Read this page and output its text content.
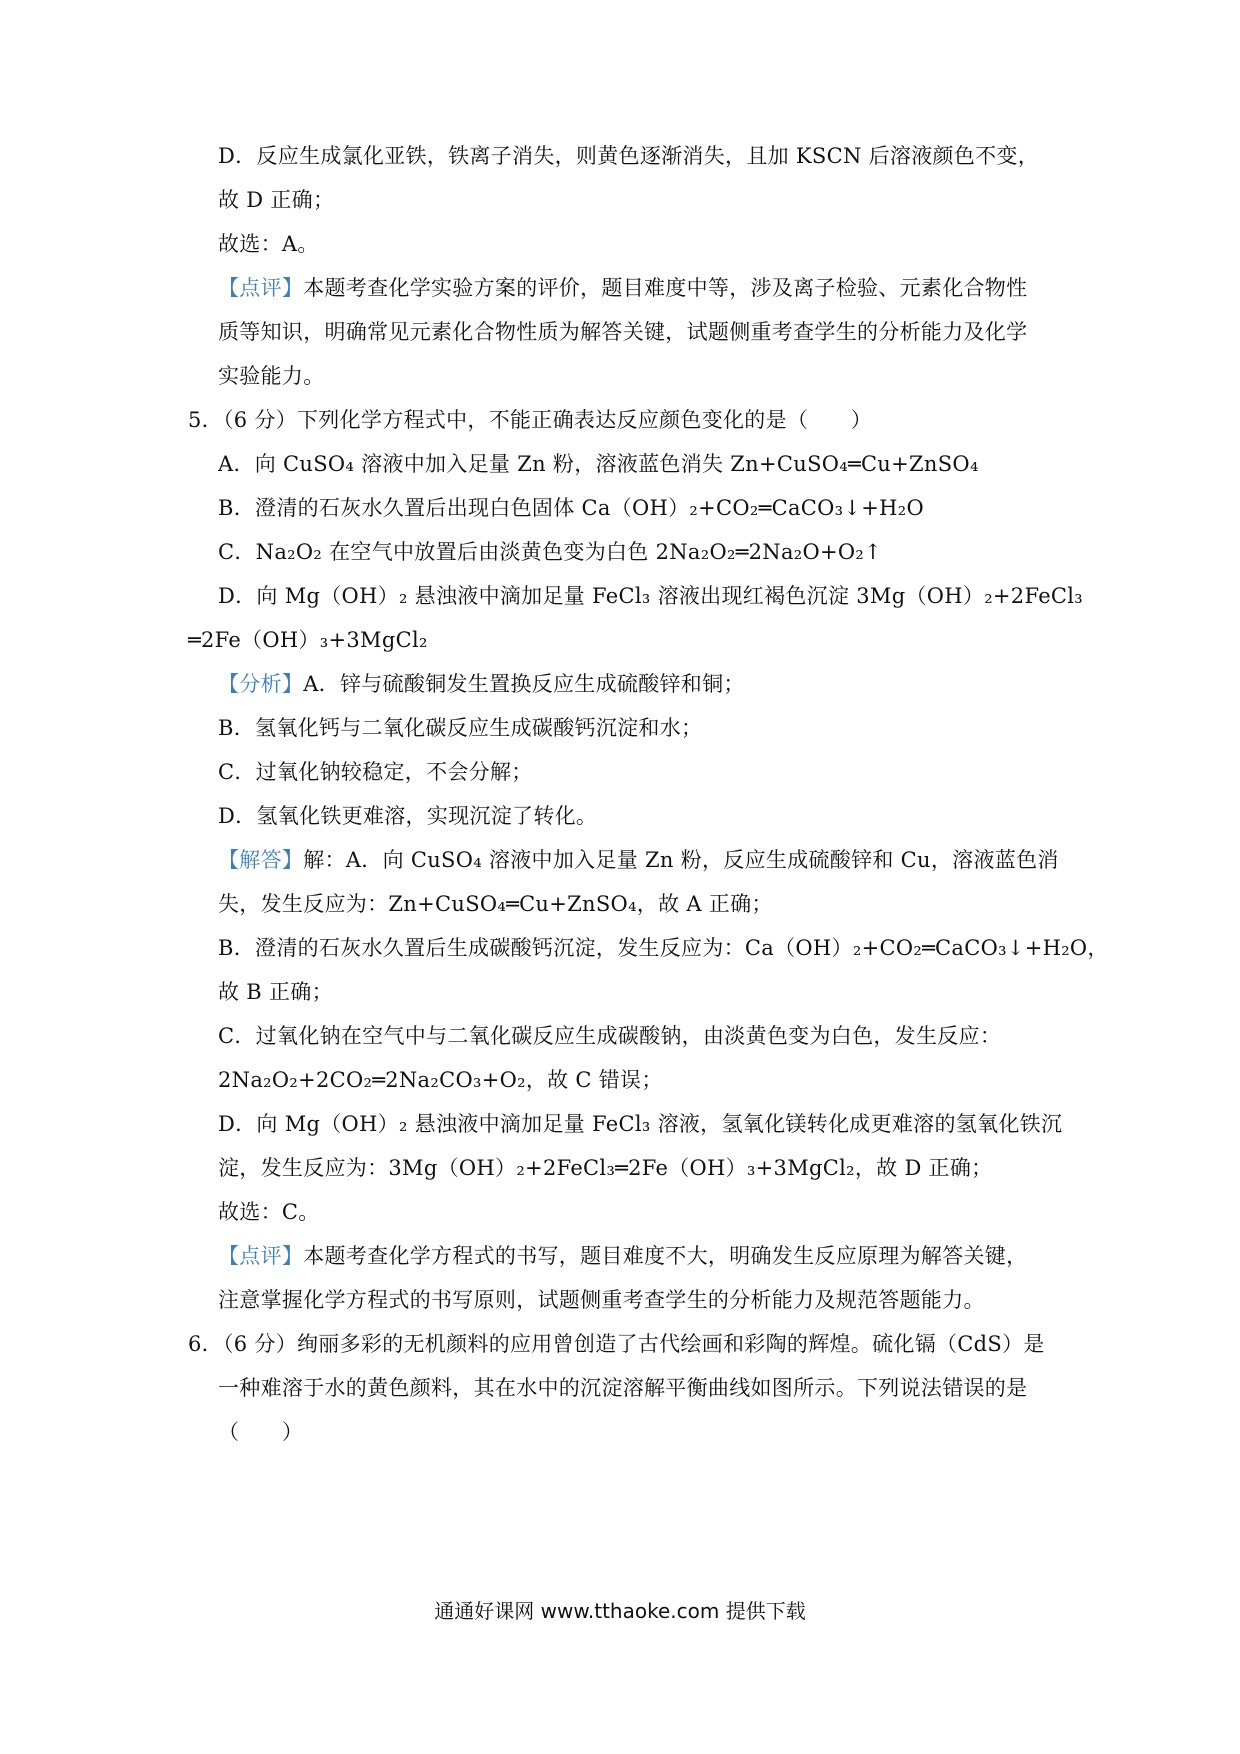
D．反应生成氯化亚铁，铁离子消失，则黄色逐渐消失，且加 KSCN 后溶液颜色不变，
故 D 正确；
故选：A。
【点评】本题考查化学实验方案的评价，题目难度中等，涉及离子检验、元素化合物性
质等知识，明确常见元素化合物性质为解答关键，试题侧重考查学生的分析能力及化学
实验能力。
5．（6 分）下列化学方程式中，不能正确表达反应颜色变化的是（　　）
A．向 CuSO₄ 溶液中加入足量 Zn 粉，溶液蓝色消失 Zn+CuSO₄═Cu+ZnSO₄
B．澄清的石灰水久置后出现白色固体 Ca（OH）₂+CO₂═CaCO₃↓+H₂O
C．Na₂O₂ 在空气中放置后由淡黄色变为白色 2Na₂O₂═2Na₂O+O₂↑
D．向 Mg（OH）₂ 悬浊液中滴加足量 FeCl₃ 溶液出现红褐色沉淀 3Mg（OH）₂+2FeCl₃
═2Fe（OH）₃+3MgCl₂
【分析】A．锌与硫酸铜发生置换反应生成硫酸锌和铜；
B．氢氧化钙与二氧化碳反应生成碳酸钙沉淀和水；
C．过氧化钠较稳定，不会分解；
D．氢氧化铁更难溶，实现沉淀了转化。
【解答】解：A．向 CuSO₄ 溶液中加入足量 Zn 粉，反应生成硫酸锌和 Cu，溶液蓝色消
失，发生反应为：Zn+CuSO₄═Cu+ZnSO₄，故 A 正确；
B．澄清的石灰水久置后生成碳酸钙沉淀，发生反应为：Ca（OH）₂+CO₂═CaCO₃↓+H₂O，
故 B 正确；
C．过氧化钠在空气中与二氧化碳反应生成碳酸钠，由淡黄色变为白色，发生反应：
2Na₂O₂+2CO₂═2Na₂CO₃+O₂，故 C 错误；
D．向 Mg（OH）₂ 悬浊液中滴加足量 FeCl₃ 溶液，氢氧化镁转化成更难溶的氢氧化铁沉
淀，发生反应为：3Mg（OH）₂+2FeCl₃═2Fe（OH）₃+3MgCl₂，故 D 正确；
故选：C。
【点评】本题考查化学方程式的书写，题目难度不大，明确发生反应原理为解答关键，
注意掌握化学方程式的书写原则，试题侧重考查学生的分析能力及规范答题能力。
6．（6 分）绚丽多彩的无机颜料的应用曾创造了古代绘画和彩陶的辉煌。硫化镉（CdS）是
一种难溶于水的黄色颜料，其在水中的沉淀溶解平衡曲线如图所示。下列说法错误的是
（　　）
通通好课网 www.tthaoke.com 提供下载
